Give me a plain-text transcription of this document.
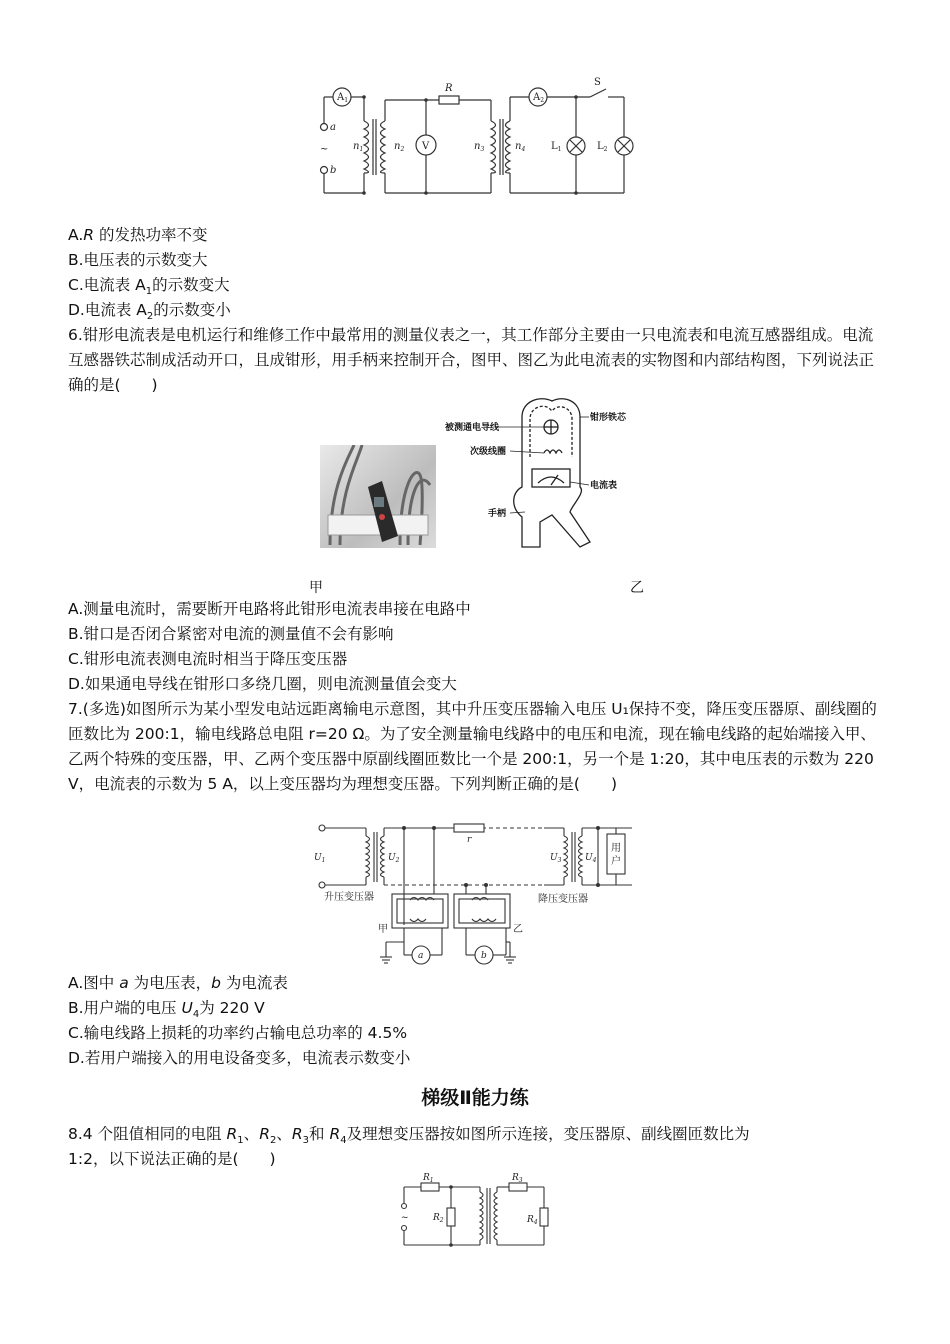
$A_1$	$A_2$
V
R
S
a
b
~ $n_1$	$n_2$	$n_3$	$n_4$	$L_1$	$L_2$
A.R 的发热功率不变
B.电压表的示数变大
C.电流表 $A_1$的示数变大
D.电流表 $A_2$的示数变小
6.钳形电流表是电机运行和维修工作中最常用的测量仪表之一，其工作部分主要由一只电流表和电流互感器组成。电流互感器铁芯制成活动开口，且成钳形，用手柄来控制开合，图甲、图乙为此电流表的实物图和内部结构图，下列说法正确的是(　　)
被测通电导线
钳形铁芯
次级线圈
电流表
手柄
甲	乙
A.测量电流时，需要断开电路将此钳形电流表串接在电路中
B.钳口是否闭合紧密对电流的测量值不会有影响
C.钳形电流表测电流时相当于降压变压器
D.如果通电导线在钳形口多绕几圈，则电流测量值会变大
7.(多选)如图所示为某小型发电站远距离输电示意图，其中升压变压器输入电压 U₁保持不变，降压变压器原、副线圈的匝数比为 200:1，输电线路总电阻 r=20 Ω。为了安全测量输电线路中的电压和电流，现在输电线路的起始端接入甲、乙两个特殊的变压器，甲、乙两个变压器中原副线圈匝数比一个是 200:1，另一个是 1:20，其中电压表的示数为 220 V，电流表的示数为 5 A，以上变压器均为理想变压器。下列判断正确的是(　　)
$U_1$	$U_2$	$U_3$	$U_4$
r
用
户
升压变压器	降压变压器
甲	乙
a	b
A.图中 a 为电压表，b 为电流表
B.用户端的电压 $U_4$为 220 V
C.输电线路上损耗的功率约占输电总功率的 4.5%
D.若用户端接入的用电设备变多，电流表示数变小
梯级Ⅱ能力练
8.4 个阻值相同的电阻 $R_1$、$R_2$、$R_3$和 $R_4$及理想变压器按如图所示连接，变压器原、副线圈匝数比为
1:2，以下说法正确的是(　　)
$R_1$
$R_2$
$R_3$
$R_4$
~
